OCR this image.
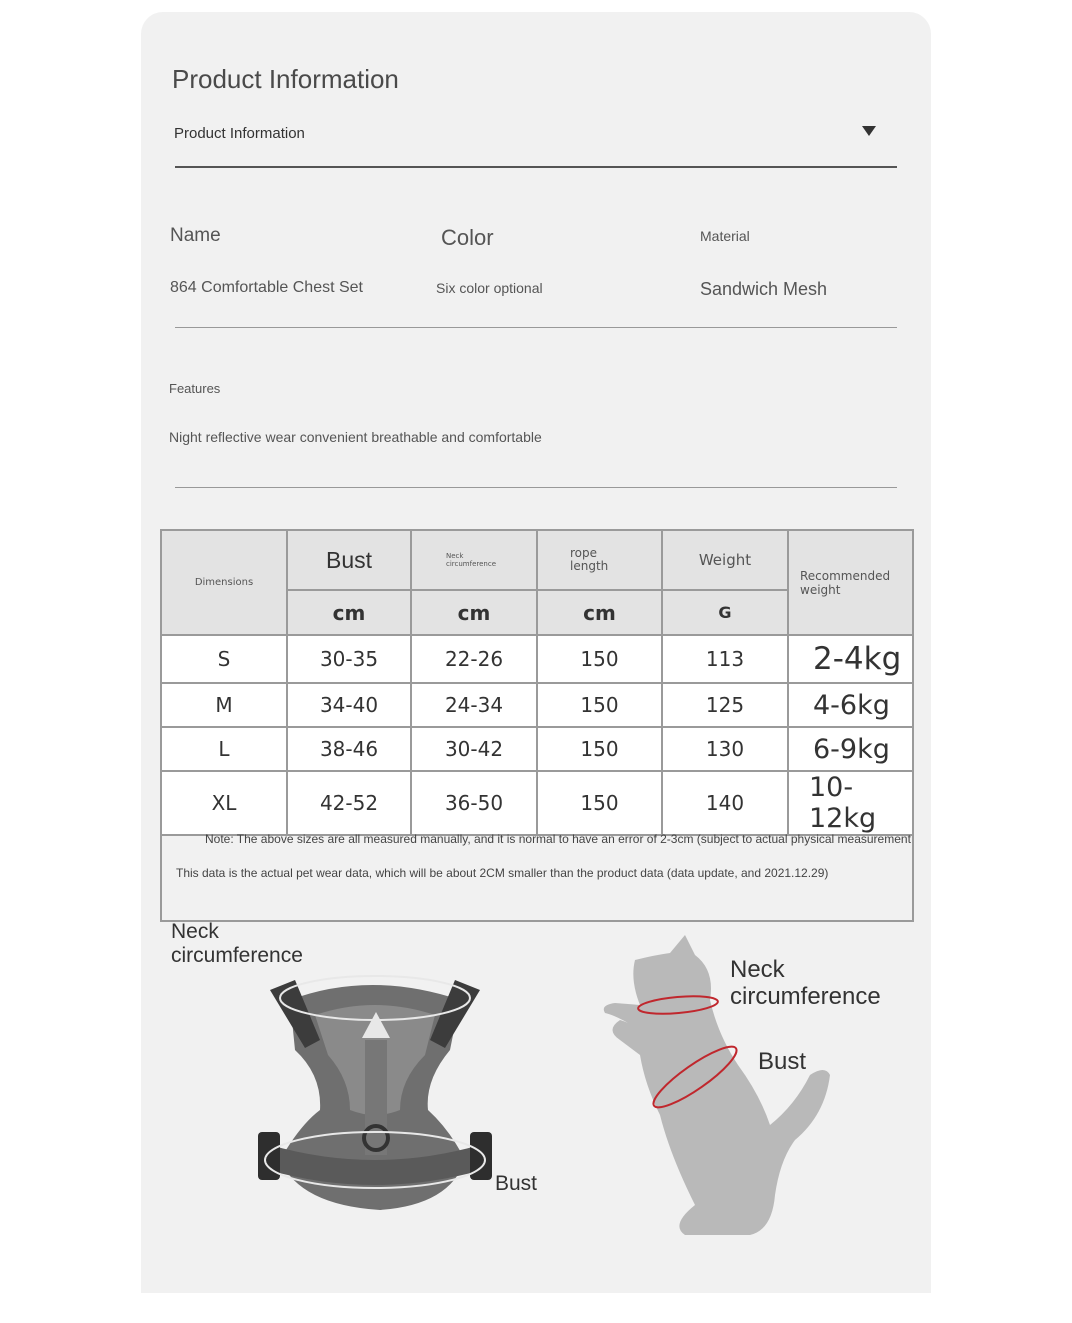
Product Information
Product Information
Name	Color	Material
864 Comfortable Chest Set	Six color optional	Sandwich Mesh
Features
Night reflective wear convenient breathable and comfortable
Dimensions	Bust	Neck circumference	rope length	Weight	Recommended weight

	cm	cm	cm	G	
S	30-35	22-26	150	113	2-4kg
M	34-40	24-34	150	125	4-6kg
L	38-46	30-42	150	130	6-9kg
XL	42-52	36-50	150	140	10-12kg

Note: The above sizes are all measured manually, and it is normal to have an error of 2-3cm (subject to actual physical measurement
This data is the actual pet wear data, which will be about 2CM smaller than the product data (data update, and 2021.12.29)
Neck
circumference
Bust
Neck
circumference
Bust
